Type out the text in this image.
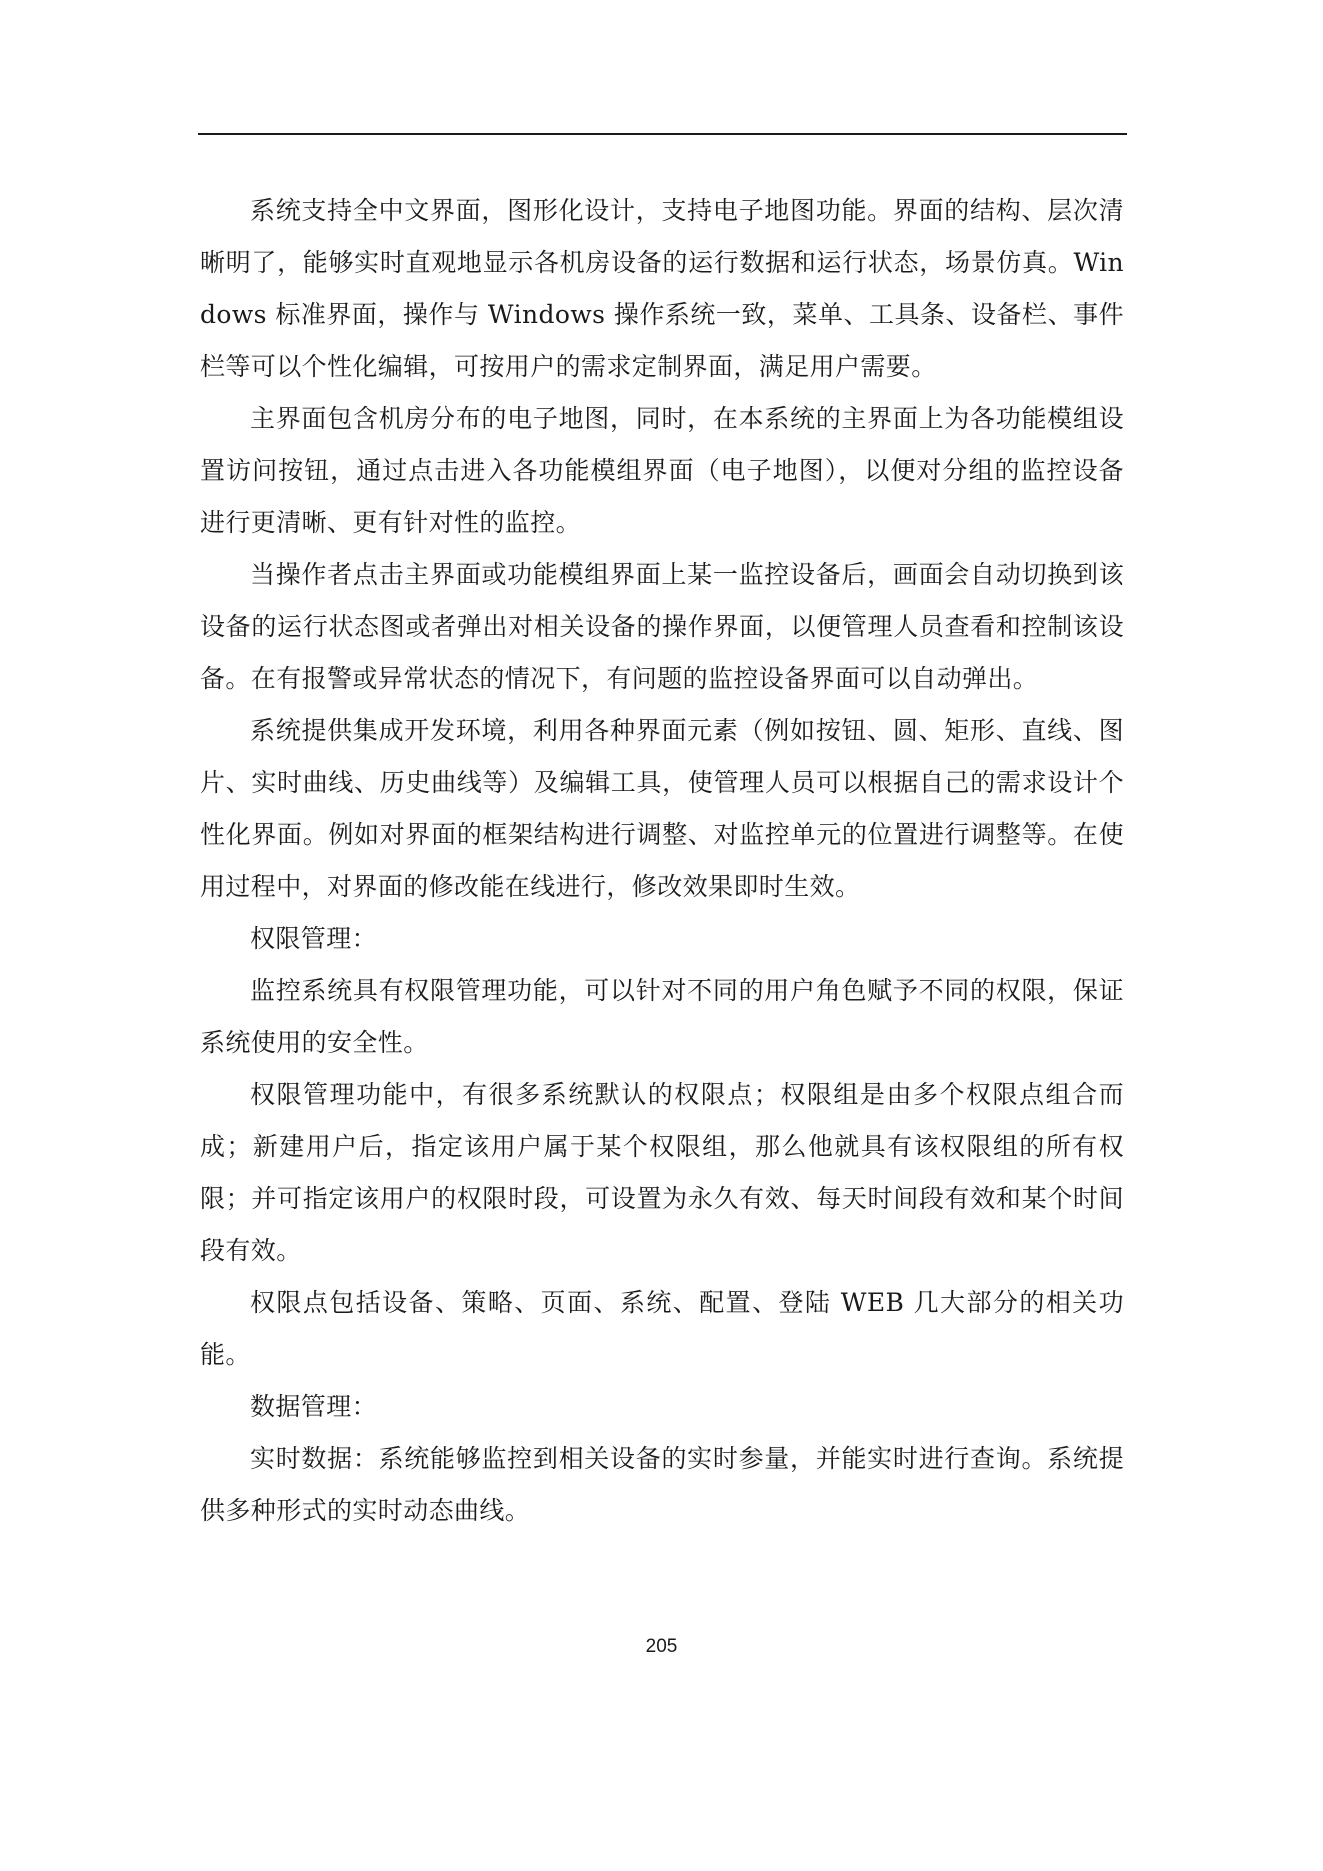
系统支持全中文界面，图形化设计，支持电子地图功能。界面的结构、层次清晰明了，能够实时直观地显示各机房设备的运行数据和运行状态，场景仿真。Windows 标准界面，操作与 Windows 操作系统一致，菜单、工具条、设备栏、事件栏等可以个性化编辑，可按用户的需求定制界面，满足用户需要。

主界面包含机房分布的电子地图，同时，在本系统的主界面上为各功能模组设置访问按钮，通过点击进入各功能模组界面（电子地图），以便对分组的监控设备进行更清晰、更有针对性的监控。

当操作者点击主界面或功能模组界面上某一监控设备后，画面会自动切换到该设备的运行状态图或者弹出对相关设备的操作界面，以便管理人员查看和控制该设备。在有报警或异常状态的情况下，有问题的监控设备界面可以自动弹出。

系统提供集成开发环境，利用各种界面元素（例如按钮、圆、矩形、直线、图片、实时曲线、历史曲线等）及编辑工具，使管理人员可以根据自己的需求设计个性化界面。例如对界面的框架结构进行调整、对监控单元的位置进行调整等。在使用过程中，对界面的修改能在线进行，修改效果即时生效。

权限管理：

监控系统具有权限管理功能，可以针对不同的用户角色赋予不同的权限，保证系统使用的安全性。

权限管理功能中，有很多系统默认的权限点；权限组是由多个权限点组合而成；新建用户后，指定该用户属于某个权限组，那么他就具有该权限组的所有权限；并可指定该用户的权限时段，可设置为永久有效、每天时间段有效和某个时间段有效。

权限点包括设备、策略、页面、系统、配置、登陆 WEB 几大部分的相关功能。

数据管理：

实时数据：系统能够监控到相关设备的实时参量，并能实时进行查询。系统提供多种形式的实时动态曲线。

205
